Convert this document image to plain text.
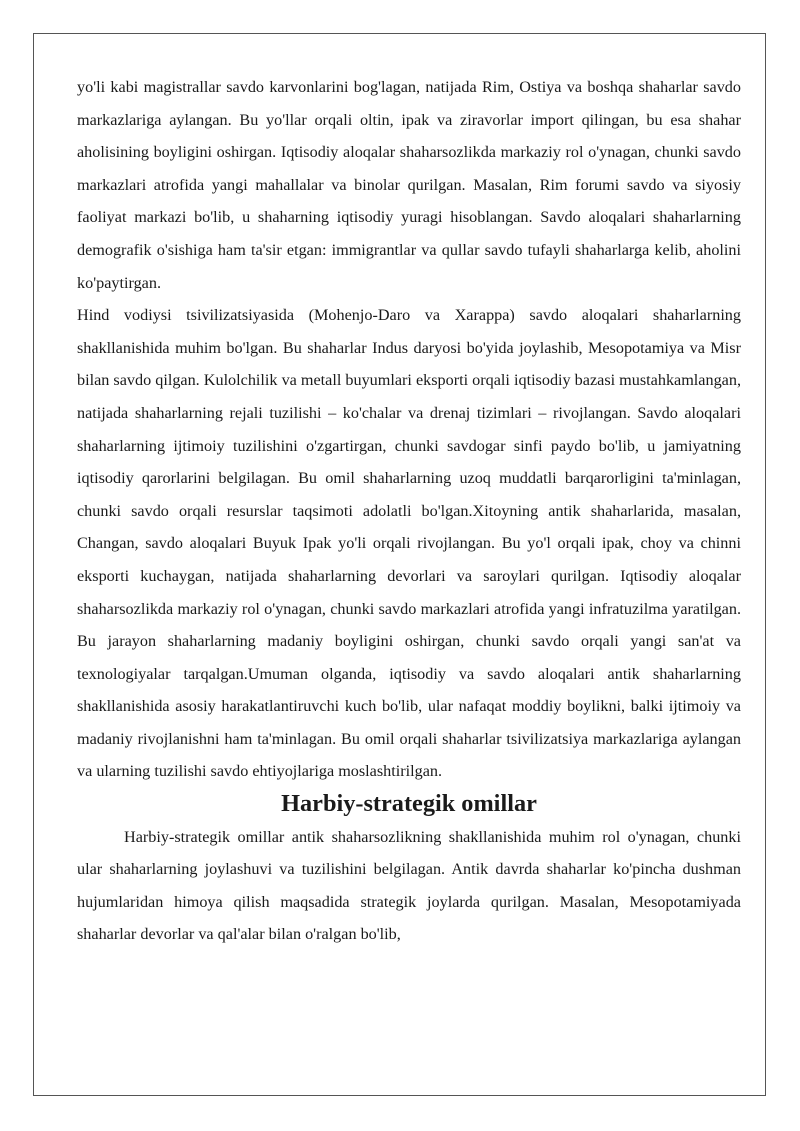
yo'li kabi magistrallar savdo karvonlarini bog'lagan, natijada Rim, Ostiya va boshqa shaharlar savdo markazlariga aylangan. Bu yo'llar orqali oltin, ipak va ziravorlar import qilingan, bu esa shahar aholisining boyligini oshirgan. Iqtisodiy aloqalar shaharsozlikda markaziy rol o'ynagan, chunki savdo markazlari atrofida yangi mahallalar va binolar qurilgan. Masalan, Rim forumi savdo va siyosiy faoliyat markazi bo'lib, u shaharning iqtisodiy yuragi hisoblangan. Savdo aloqalari shaharlarning demografik o'sishiga ham ta'sir etgan: immigrantlar va qullar savdo tufayli shaharlarga kelib, aholini ko'paytirgan.

Hind vodiysi tsivilizatsiyasida (Mohenjo-Daro va Xarappa) savdo aloqalari shaharlarning shakllanishida muhim bo'lgan. Bu shaharlar Indus daryosi bo'yida joylashib, Mesopotamiya va Misr bilan savdo qilgan. Kulolchilik va metall buyumlari eksporti orqali iqtisodiy bazasi mustahkamlangan, natijada shaharlarning rejali tuzilishi – ko'chalar va drenaj tizimlari – rivojlangan. Savdo aloqalari shaharlarning ijtimoiy tuzilishini o'zgartirgan, chunki savdogar sinfi paydo bo'lib, u jamiyatning iqtisodiy qarorlarini belgilagan. Bu omil shaharlarning uzoq muddatli barqarorligini ta'minlagan, chunki savdo orqali resurslar taqsimoti adolatli bo'lgan.Xitoyning antik shaharlarida, masalan, Changan, savdo aloqalari Buyuk Ipak yo'li orqali rivojlangan. Bu yo'l orqali ipak, choy va chinni eksporti kuchaygan, natijada shaharlarning devorlari va saroylari qurilgan. Iqtisodiy aloqalar shaharsozlikda markaziy rol o'ynagan, chunki savdo markazlari atrofida yangi infratuzilma yaratilgan. Bu jarayon shaharlarning madaniy boyligini oshirgan, chunki savdo orqali yangi san'at va texnologiyalar tarqalgan.Umuman olganda, iqtisodiy va savdo aloqalari antik shaharlarning shakllanishida asosiy harakatlantiruvchi kuch bo'lib, ular nafaqat moddiy boylikni, balki ijtimoiy va madaniy rivojlanishni ham ta'minlagan. Bu omil orqali shaharlar tsivilizatsiya markazlariga aylangan va ularning tuzilishi savdo ehtiyojlariga moslashtirilgan.

Harbiy-strategik omillar

Harbiy-strategik omillar antik shaharsozlikning shakllanishida muhim rol o'ynagan, chunki ular shaharlarning joylashuvi va tuzilishini belgilagan. Antik davrda shaharlar ko'pincha dushman hujumlaridan himoya qilish maqsadida strategik joylarda qurilgan. Masalan, Mesopotamiyada shaharlar devorlar va qal'alar bilan o'ralgan bo'lib,
